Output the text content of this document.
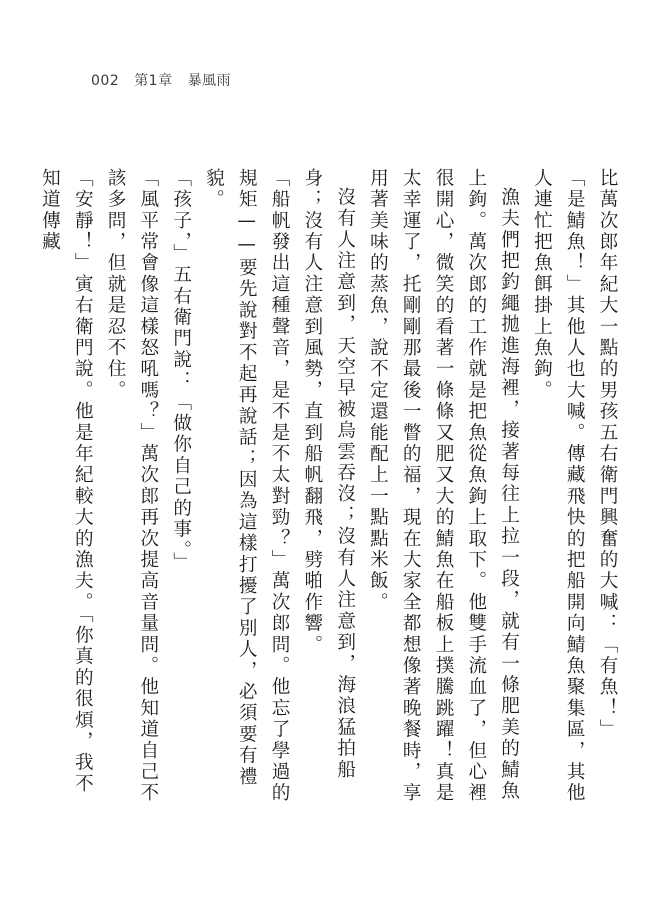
002 第1章 暴風雨

比萬次郎年紀大一點的男孩五右衛門興奮的大喊：「有魚！」

「是鯖魚！」其他人也大喊。傳藏飛快的把船開向鯖魚聚集區，其他人連忙把魚餌掛上魚鉤。

漁夫們把釣繩拋進海裡，接著每往上拉一段，就有一條肥美的鯖魚上鉤。萬次郎的工作就是把魚從魚鉤上取下。他雙手流血了，但心裡很開心，微笑的看著一條條又肥又大的鯖魚在船板上撲騰跳躍！真是太幸運了，托剛剛那最後一瞥的福，現在大家全都想像著晚餐時，享用著美味的蒸魚，說不定還能配上一點點米飯。

沒有人注意到，天空早被烏雲吞沒；沒有人注意到，海浪猛拍船身；沒有人注意到風勢，直到船帆翻飛，劈啪作響。

「船帆發出這種聲音，是不是不太對勁？」萬次郎問。他忘了學過的規矩——要先說對不起再說話；因為這樣打擾了別人，必須要有禮貌。

「孩子，」五右衛門說：「做你自己的事。」

「風平常會像這樣怒吼嗎？」萬次郎再次提高音量問。他知道自己不該多問，但就是忍不住。

「安靜！」寅右衛門說。他是年紀較大的漁夫。「你真的很煩，我不知道傳藏
